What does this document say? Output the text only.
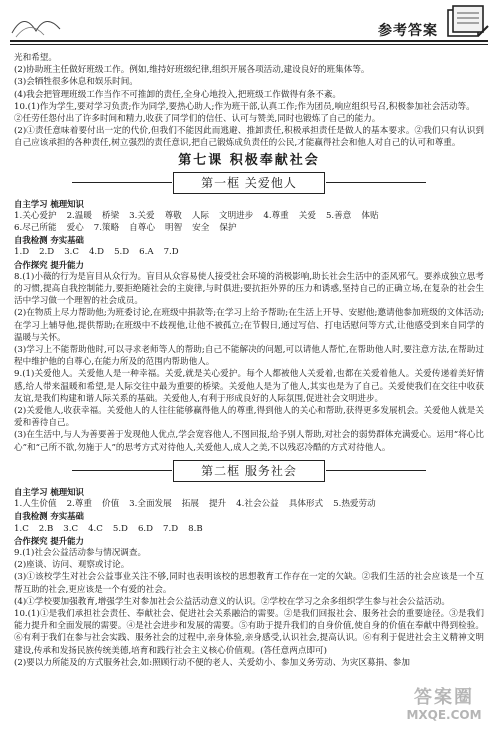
参考答案

光和希望。

(2)协助班主任做好班级工作。例如,维持好班级纪律,组织开展各项活动,建设良好的班集体等。

(3)会牺牲很多休息和娱乐时间。

(4)我会把管理班级工作当作不可推卸的责任,全身心地投入,把班级工作做得有条不紊。

10.(1)作为学生,要对学习负责;作为同学,要热心助人;作为班干部,认真工作;作为团员,响应组织号召,积极参加社会活动等。

②任劳任怨付出了许多时间和精力,收获了同学们的信任、认可与赞美,同时也锻炼了自己的能力。

(2)①责任意味着要付出一定的代价,但我们不能因此而逃避、推卸责任,积极承担责任是做人的基本要求。②我们只有认识到自己应该承担的各种责任,树立强烈的责任意识,把自己锻炼成负责任的公民,才能赢得社会和他人对自己的认可和尊重。

第七课 积极奉献社会
第一框 关爱他人

自主学习 梳理知识

1.关心爱护 2.温暖 桥梁 3.关爱 尊敬 人际 文明进步 4.尊重 关爱 5.善意 体贴

6.尽己所能 爱心 7.策略 自尊心 明智 安全 保护

自我检测 夯实基础

1.D 2.D 3.C 4.D 5.D 6.A 7.D

合作探究 提升能力

8.(1)小薇的行为是盲目从众行为。盲目从众容易使人接受社会环境的消极影响,助长社会生活中的歪风邪气。要养成独立思考的习惯,提高自我控制能力,要拒绝随社会的主旋律,与时俱进;要抗拒外界的压力和诱惑,坚持自己的正确立场,在复杂的社会生活中学习做一个理智的社会成员。

(2)在物质上尽力帮助他;为班委讨论,在班级中捐款等;在学习上给予帮助;在生活上开导、安慰他;邀请他参加班级的文体活动;在学习上辅导他,提供帮助;在班级中不歧视他,让他不被孤立;在节假日,通过写信、打电话慰问等方式,让他感受到来自同学的温暖与关怀。

(3)学习上不能帮助他时,可以寻求老师等人的帮助;自己不能解决的问题,可以请他人帮忙,在帮助他人时,要注意方法,在帮助过程中维护他的自尊心,在能力所及的范围内帮助他人。

9.(1)关爱他人。关爱他人是一种幸福。关爱,就是关心爱护。每个人都被他人关爱着,也都在关爱着他人。关爱传递着美好情感,给人带来温暖和希望,是人际交往中最为重要的桥梁。关爱他人是为了他人,其实也是为了自己。关爱使我们在交往中收获友谊,是我们构建和谐人际关系的基础。关爱他人,有利于形成良好的人际氛围,促进社会文明进步。

(2)关爱他人,收获幸福。关爱他人的人往往能够赢得他人的尊重,得到他人的关心和帮助,获得更多发展机会。关爱他人就是关爱和善待自己。

(3)在生活中,与人为善要善于发现他人优点,学会宽容他人,不图回报,给予别人帮助,对社会的弱势群体充满爱心。运用“将心比心”和“己所不欲,勿施于人”的思考方式对待他人,关爱他人,成人之美,不以残忍冷酷的方式对待他人。

第二框 服务社会

自主学习 梳理知识

1.人生价值 2.尊重 价值 3.全面发展 拓展 提升 4.社会公益 具体形式 5.热爱劳动

自我检测 夯实基础

1.C 2.B 3.C 4.C 5.D 6.D 7.D 8.B

合作探究 提升能力

9.(1)社会公益活动参与情况调查。

(2)座谈、访问、观察或讨论。

(3)①该校学生对社会公益事业关注不够,同时也表明该校的思想教育工作存在一定的欠缺。②我们生活的社会应该是一个互帮互助的社会,更应该是一个有爱的社会。

(4)①学校要加强教育,增强学生对参加社会公益活动意义的认识。②学校在学习之余多组织学生参与社会公益活动。

10.(1)①是我们承担社会责任、奉献社会、促进社会关系融洽的需要。②是我们回报社会、服务社会的重要途径。③是我们能力提升和全面发展的需要。④是社会进步和发展的需要。⑤有助于提升我们的自身价值,使自身的价值在奉献中得到检验。⑥有利于我们在参与社会实践、服务社会的过程中,亲身体验,亲身感受,认识社会,提高认识。⑥有利于促进社会主义精神文明建设,传承和发扬民族传统美德,培育和践行社会主义核心价值观。(答任意两点即可)

(2)要以力所能及的方式服务社会,如:照顾行动不便的老人、关爱幼小、参加义务劳动、为灾区募捐、参加

答案圈
MXQE.COM
